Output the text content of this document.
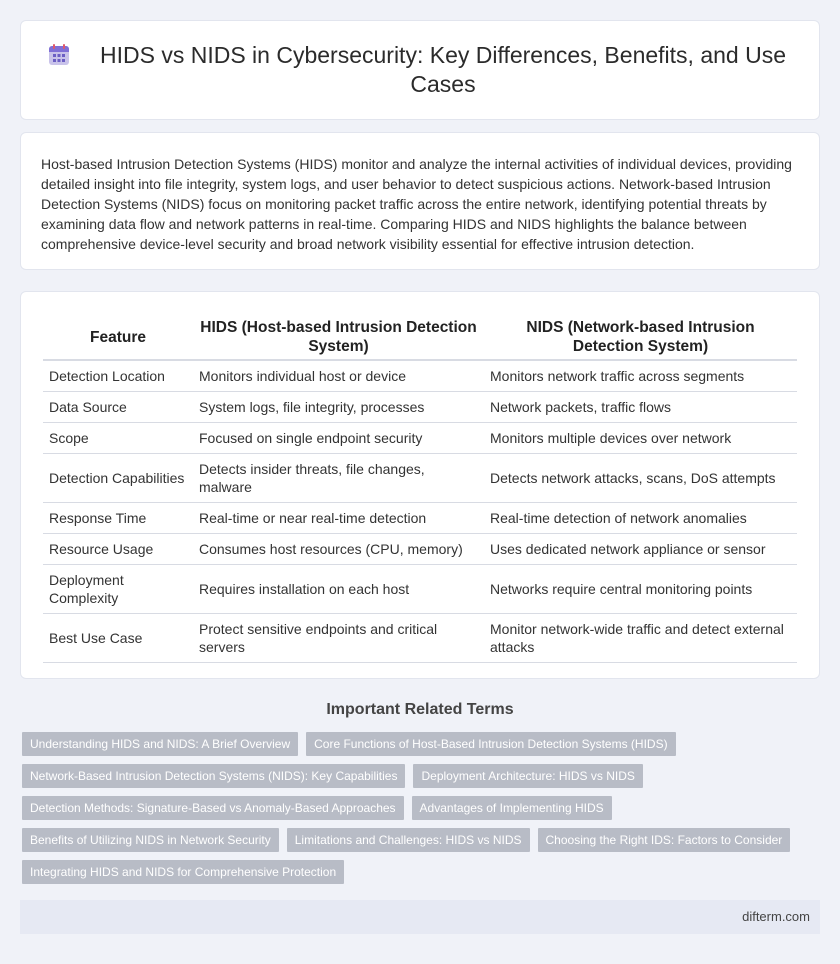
HIDS vs NIDS in Cybersecurity: Key Differences, Benefits, and Use Cases

Host-based Intrusion Detection Systems (HIDS) monitor and analyze the internal activities of individual devices, providing detailed insight into file integrity, system logs, and user behavior to detect suspicious actions. Network-based Intrusion Detection Systems (NIDS) focus on monitoring packet traffic across the entire network, identifying potential threats by examining data flow and network patterns in real-time. Comparing HIDS and NIDS highlights the balance between comprehensive device-level security and broad network visibility essential for effective intrusion detection.

Feature	HIDS (Host-based Intrusion Detection System)	NIDS (Network-based Intrusion Detection System)
Detection Location	Monitors individual host or device	Monitors network traffic across segments
Data Source	System logs, file integrity, processes	Network packets, traffic flows
Scope	Focused on single endpoint security	Monitors multiple devices over network
Detection Capabilities	Detects insider threats, file changes, malware	Detects network attacks, scans, DoS attempts
Response Time	Real-time or near real-time detection	Real-time detection of network anomalies
Resource Usage	Consumes host resources (CPU, memory)	Uses dedicated network appliance or sensor
Deployment Complexity	Requires installation on each host	Networks require central monitoring points
Best Use Case	Protect sensitive endpoints and critical servers	Monitor network-wide traffic and detect external attacks
Important Related Terms
Understanding HIDS and NIDS: A Brief Overview	Core Functions of Host-Based Intrusion Detection Systems (HIDS)
Network-Based Intrusion Detection Systems (NIDS): Key Capabilities	Deployment Architecture: HIDS vs NIDS
Detection Methods: Signature-Based vs Anomaly-Based Approaches	Advantages of Implementing HIDS
Benefits of Utilizing NIDS in Network Security	Limitations and Challenges: HIDS vs NIDS	Choosing the Right IDS: Factors to Consider
Integrating HIDS and NIDS for Comprehensive Protection
difterm.com
